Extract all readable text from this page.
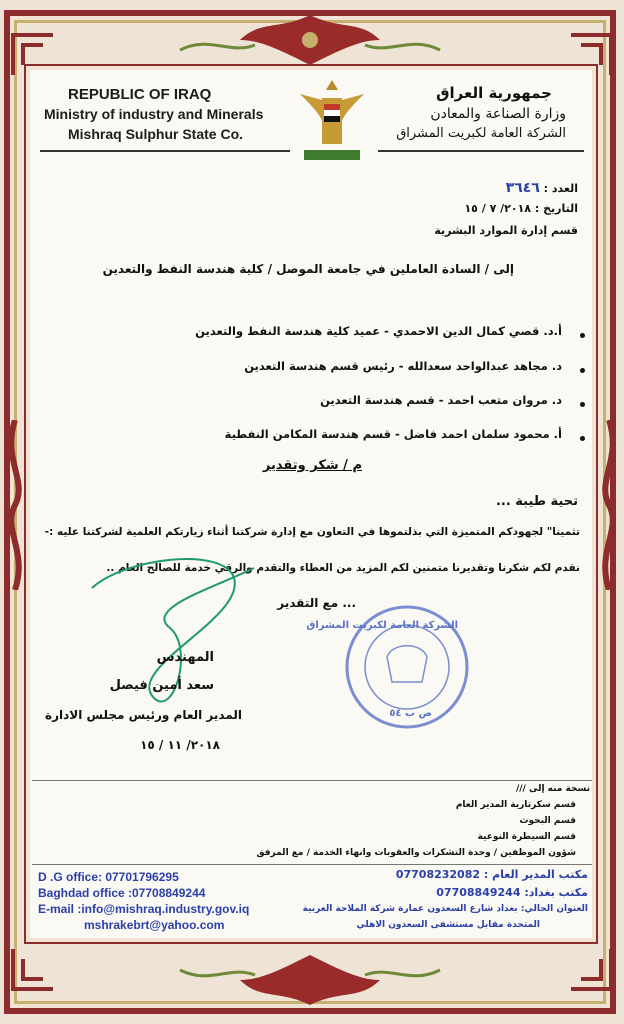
REPUBLIC OF IRAQ
Ministry of industry and Minerals
Mishraq Sulphur State Co.
جمهورية العراق
وزارة الصناعة والمعادن
الشركة العامة لكبريت المشراق
العدد : ٣٦٤٦
التاريخ : ٢٠١٨/ ٧ / ١٥
قسم إدارة الموارد البشرية
إلى / السادة العاملين في جامعة الموصل / كلية هندسة النفط والتعدين
أ.د. قصي كمال الدين الاحمدي - عميد كلية هندسة النفط والتعدين
د. مجاهد عبدالواحد سعدالله - رئيس قسم هندسة التعدين
د. مروان متعب احمد - قسم هندسة التعدين
أ. محمود سلمان احمد فاضل - قسم هندسة المكامن النفطية
م / شكر وتقدير
تحية طيبة ...
تثمينا" لجهودكم المتميزة التي بذلتموها في التعاون مع إدارة شركتنا أثناء زيارتكم العلمية لشركتنا عليه :-
نقدم لكم شكرنا وتقديرنا متمنين لكم المزيد من العطاء والتقدم والرقي خدمة للصالح العام ..
... مع التقدير
المهندس
سعد أمين فيصل
المدير العام ورئيس مجلس الادارة
٢٠١٨/ ١١ / ١٥
الشركة العامة لكبريت المشراق
ص ب ٥٤
نسخة منه إلى ///
قسم سكرتارية المدير العام
قسم البحوث
قسم السيطرة النوعية
شؤون الموظفين / وحدة التشكرات والعقوبات وانهاء الخدمة / مع المرفق
D .G office: 07701796295
Baghdad office :07708849244
E-mail :info@mishraq.industry.gov.iq
mshrakebrt@yahoo.com
مكتب المدير العام : 07708232082
مكتب بغداد: 07708849244
العنوان الحالي: بغداد شارع السعدون عمارة شركة الملاحة العربية
المتحدة مقابل مستشفى السعدون الاهلي
